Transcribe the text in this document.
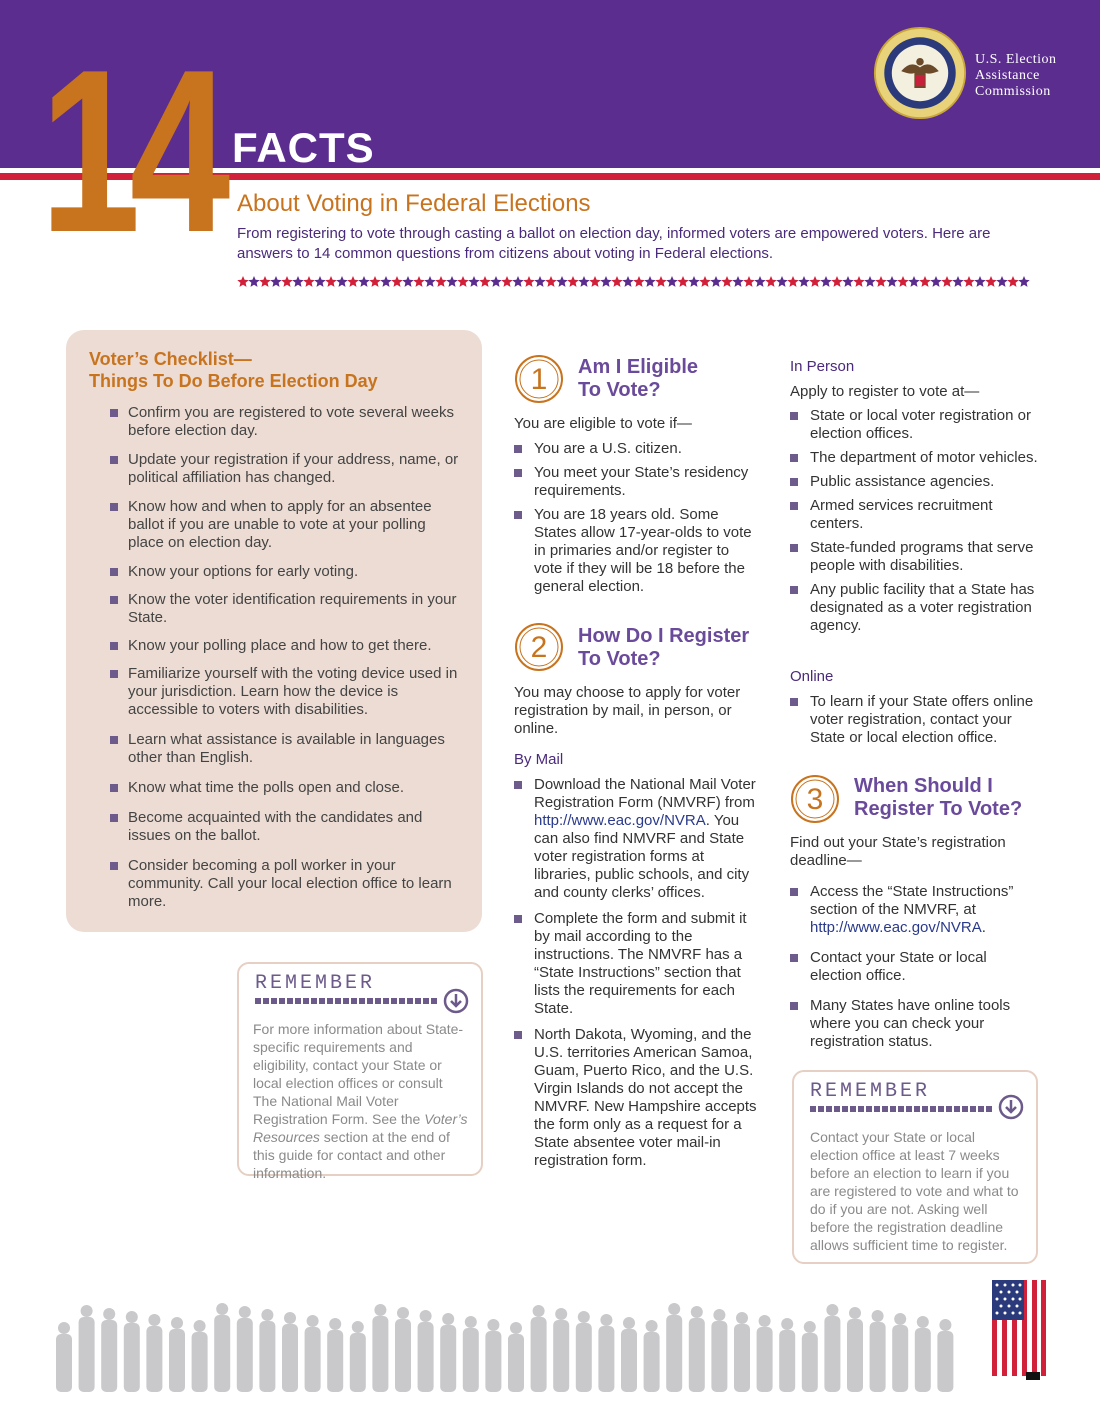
14 FACTS
U.S. Election
Assistance
Commission
About Voting in Federal Elections
From registering to vote through casting a ballot on election day, informed voters are empowered voters. Here are answers to 14 common questions from citizens about voting in Federal elections.
Voter’s Checklist—
Things To Do Before Election Day
Confirm you are registered to vote several weeks before election day.
Update your registration if your address, name, or political affiliation has changed.
Know how and when to apply for an absentee ballot if you are unable to vote at your polling place on election day.
Know your options for early voting.
Know the voter identification requirements in your State.
Know your polling place and how to get there.
Familiarize yourself with the voting device used in your jurisdiction. Learn how the device is accessible to voters with disabilities.
Learn what assistance is available in languages other than English.
Know what time the polls open and close.
Become acquainted with the candidates and issues on the ballot.
Consider becoming a poll worker in your community. Call your local election office to learn more.
REMEMBER
For more information about State-specific requirements and eligibility, contact your State or local election offices or consult The National Mail Voter Registration Form. See the Voter’s Resources section at the end of this guide for contact and other information.
1 Am I Eligible
To Vote?
You are eligible to vote if—
You are a U.S. citizen.
You meet your State’s residency requirements.
You are 18 years old. Some States allow 17-year-olds to vote in primaries and/or register to vote if they will be 18 before the general election.
2 How Do I Register
To Vote?
You may choose to apply for voter registration by mail, in person, or online.
By Mail
Download the National Mail Voter Registration Form (NMVRF) from http://www.eac.gov/NVRA. You can also find NMVRF and State voter registration forms at libraries, public schools, and city and county clerks’ offices.
Complete the form and submit it by mail according to the instructions. The NMVRF has a “State Instructions” section that lists the requirements for each State.
North Dakota, Wyoming, and the U.S. territories American Samoa, Guam, Puerto Rico, and the U.S. Virgin Islands do not accept the NMVRF. New Hampshire accepts the form only as a request for a State absentee voter mail-in registration form.
In Person
Apply to register to vote at—
State or local voter registration or election offices.
The department of motor vehicles.
Public assistance agencies.
Armed services recruitment centers.
State-funded programs that serve people with disabilities.
Any public facility that a State has designated as a voter registration agency.
Online
To learn if your State offers online voter registration, contact your State or local election office.
3 When Should I
Register To Vote?
Find out your State’s registration deadline—
Access the “State Instructions” section of the NMVRF, at http://www.eac.gov/NVRA.
Contact your State or local election office.
Many States have online tools where you can check your registration status.
REMEMBER
Contact your State or local election office at least 7 weeks before an election to learn if you are registered to vote and what to do if you are not. Asking well before the registration deadline allows sufficient time to register.
